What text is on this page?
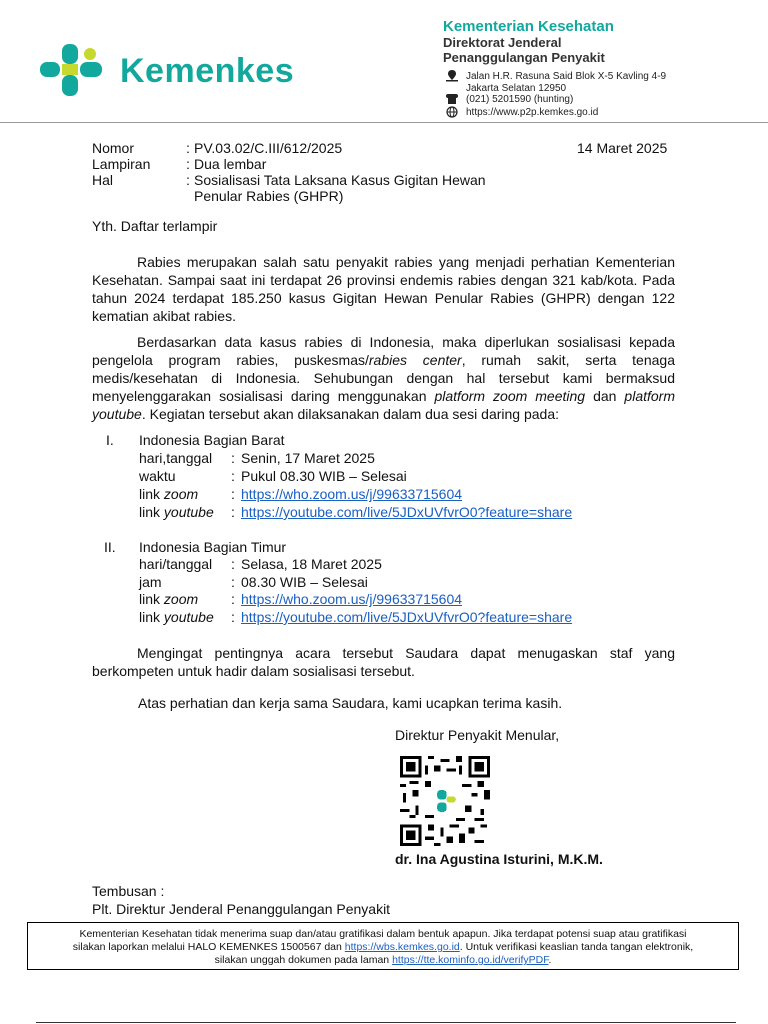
Kemenkes
Kementerian Kesehatan
Direktorat Jenderal
Penanggulangan Penyakit
Jalan H.R. Rasuna Said Blok X-5 Kavling 4-9
Jakarta Selatan 12950
(021) 5201590 (hunting)
https://www.p2p.kemkes.go.id
Nomor	: PV.03.02/C.III/612/2025	14 Maret 2025
Lampiran	: Dua lembar
Hal	: Sosialisasi Tata Laksana Kasus Gigitan Hewan
Penular Rabies (GHPR)
Yth. Daftar terlampir

Rabies merupakan salah satu penyakit rabies yang menjadi perhatian Kementerian Kesehatan. Sampai saat ini terdapat 26 provinsi endemis rabies dengan 321 kab/kota. Pada tahun 2024 terdapat 185.250 kasus Gigitan Hewan Penular Rabies (GHPR) dengan 122 kematian akibat rabies.

Berdasarkan data kasus rabies di Indonesia, maka diperlukan sosialisasi kepada pengelola program rabies, puskesmas/rabies center, rumah sakit, serta tenaga medis/kesehatan di Indonesia. Sehubungan dengan hal tersebut kami bermaksud menyelenggarakan sosialisasi daring menggunakan platform zoom meeting dan platform youtube. Kegiatan tersebut akan dilaksanakan dalam dua sesi daring pada:

I. Indonesia Bagian Barat
hari,tanggal : Senin, 17 Maret 2025
waktu	: Pukul 08.30 WIB – Selesai
link zoom : https://who.zoom.us/j/99633715604
link youtube : https://youtube.com/live/5JDxUVfvrO0?feature=share
II. Indonesia Bagian Timur
hari/tanggal : Selasa, 18 Maret 2025
jam	: 08.30 WIB – Selesai
link zoom : https://who.zoom.us/j/99633715604
link youtube : https://youtube.com/live/5JDxUVfvrO0?feature=share

Mengingat pentingnya acara tersebut Saudara dapat menugaskan staf yang berkompeten untuk hadir dalam sosialisasi tersebut.

Atas perhatian dan kerja sama Saudara, kami ucapkan terima kasih.
Direktur Penyakit Menular,
dr. Ina Agustina Isturini, M.K.M.
Tembusan :
Plt. Direktur Jenderal Penanggulangan Penyakit
Kementerian Kesehatan tidak menerima suap dan/atau gratifikasi dalam bentuk apapun. Jika terdapat potensi suap atau gratifikasi
silakan laporkan melalui HALO KEMENKES 1500567 dan https://wbs.kemkes.go.id. Untuk verifikasi keaslian tanda tangan elektronik,
silakan unggah dokumen pada laman https://tte.kominfo.go.id/verifyPDF.
